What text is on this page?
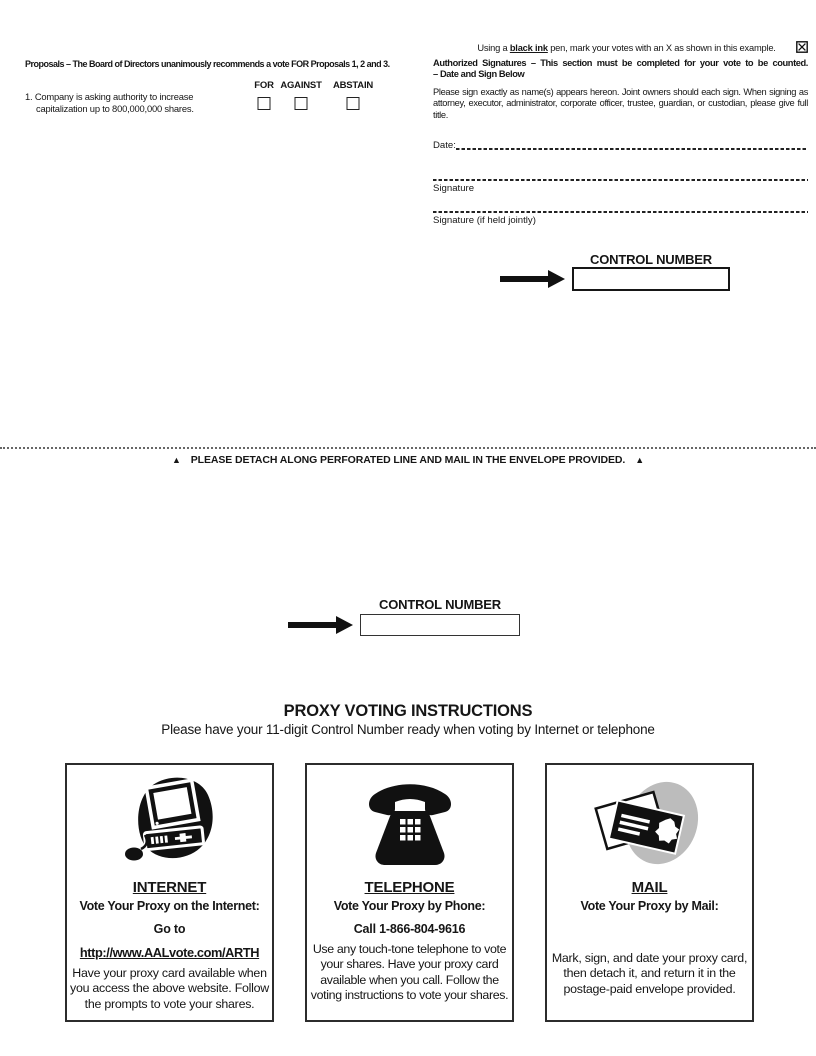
Using a black ink pen, mark your votes with an X as shown in this example.

Proposals – The Board of Directors unanimously recommends a vote FOR Proposals 1, 2 and 3.
FOR AGAINST ABSTAIN
1. Company is asking authority to increase capitalization up to 800,000,000 shares.
Authorized Signatures – This section must be completed for your vote to be counted.
– Date and Sign Below
Please sign exactly as name(s) appears hereon. Joint owners should each sign. When signing as attorney, executor, administrator, corporate officer, trustee, guardian, or custodian, please give full title.
Date:
Signature
Signature (if held jointly)
CONTROL NUMBER
▲ PLEASE DETACH ALONG PERFORATED LINE AND MAIL IN THE ENVELOPE PROVIDED. ▲
CONTROL NUMBER
PROXY VOTING INSTRUCTIONS
Please have your 11-digit Control Number ready when voting by Internet or telephone
INTERNET
Vote Your Proxy on the Internet:
Go to
http://www.AALvote.com/ARTH
Have your proxy card available when you access the above website. Follow the prompts to vote your shares.
TELEPHONE
Vote Your Proxy by Phone:
Call 1-866-804-9616
Use any touch-tone telephone to vote your shares. Have your proxy card available when you call. Follow the voting instructions to vote your shares.
MAIL
Vote Your Proxy by Mail:
Mark, sign, and date your proxy card, then detach it, and return it in the postage-paid envelope provided.
